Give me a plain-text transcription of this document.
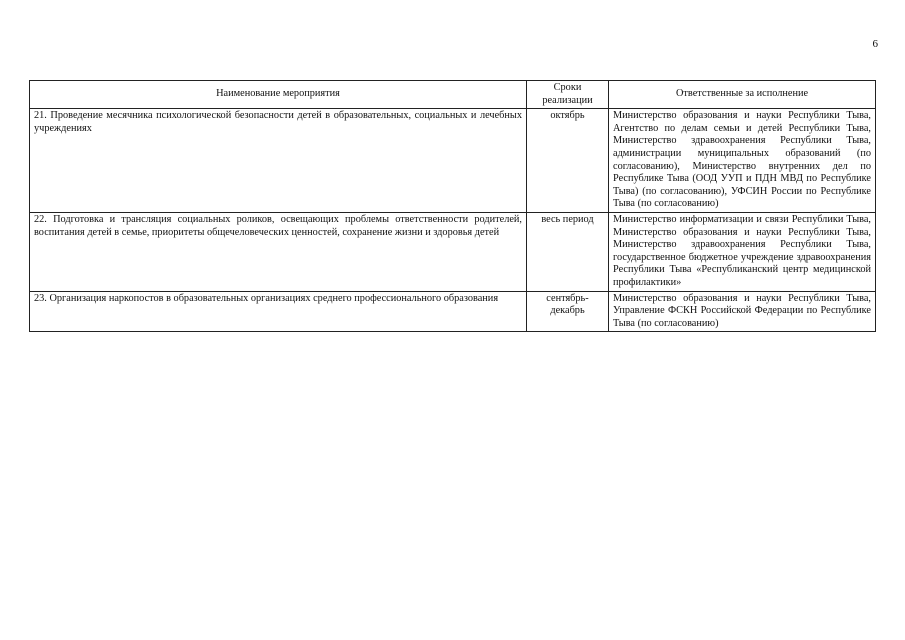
6
Наименование мероприятия	Сроки реализации	Ответственные за исполнение
21. Проведение месячника психологической безопасности детей в образовательных, социальных и лечебных учреждениях	октябрь	Министерство образования и науки Республики Тыва, Агентство по делам семьи и детей Республики Тыва, Министерство здравоохранения Республики Тыва, администрации муниципальных образований (по согласованию), Министерство внутренних дел по Республике Тыва (ООД УУП и ПДН МВД по Республике Тыва) (по согласованию), УФСИН России по Республике Тыва (по согласованию)
22. Подготовка и трансляция социальных роликов, освещающих проблемы ответственности родителей, воспитания детей в семье, приоритеты общечеловеческих ценностей, сохранение жизни и здоровья детей	весь период	Министерство информатизации и связи Республики Тыва, Министерство образования и науки Республики Тыва, Министерство здравоохранения Республики Тыва, государственное бюджетное учреждение здравоохранения Республики Тыва «Республиканский центр медицинской профилактики»
23. Организация наркопостов в образовательных организациях среднего профессионального образования	сентябрь-декабрь	Министерство образования и науки Республики Тыва, Управление ФСКН Российской Федерации по Республике Тыва (по согласованию)
